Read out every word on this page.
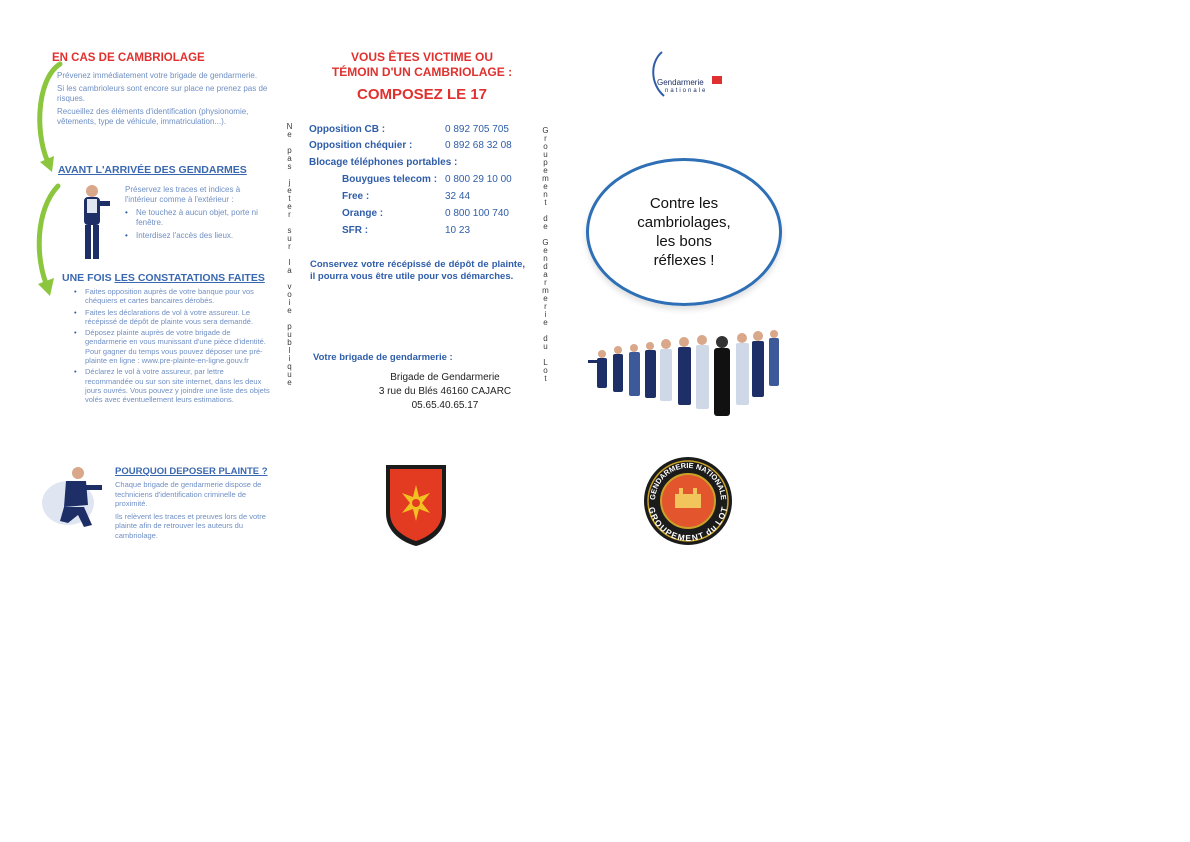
EN CAS DE CAMBRIOLAGE
Prévenez immédiatement votre brigade de gendarmerie.
Si les cambrioleurs sont encore sur place ne prenez pas de risques.
Recueillez des éléments d'identification (physionomie, vêtements, type de véhicule, immatriculation...).
AVANT L'ARRIVÉE DES GENDARMES
Préservez les traces et indices à l'intérieur comme à l'extérieur :
• Ne touchez à aucun objet, porte ni fenêtre.
• Interdisez l'accès des lieux.
UNE FOIS LES CONSTATATIONS FAITES
• Faites opposition auprès de votre banque pour vos chéquiers et cartes bancaires dérobés.
• Faites les déclarations de vol à votre assureur. Le récépissé de dépôt de plainte vous sera demandé.
• Déposez plainte auprès de votre brigade de gendarmerie en vous munissant d'une pièce d'identité. Pour gagner du temps vous pouvez déposer une pré-plainte en ligne : www.pre-plainte-en-ligne.gouv.fr
• Déclarez le vol à votre assureur, par lettre recommandée ou sur son site internet, dans les deux jours ouvrés. Vous pouvez y joindre une liste des objets volés avec éventuellement leurs estimations.
POURQUOI DEPOSER PLAINTE ?
Chaque brigade de gendarmerie dispose de techniciens d'identification criminelle de proximité.
Ils relèvent les traces et preuves lors de votre plainte afin de retrouver les auteurs du cambriolage.
VOUS ÊTES VICTIME OU
TÉMOIN D'UN CAMBRIOLAGE :
COMPOSEZ LE 17
Ne pas jeter sur la voie publique	Groupement de Gendarmerie du Lot
Opposition CB :	0 892 705 705
Opposition chéquier :	0 892 68 32 08
Blocage téléphones portables :
Bouygues telecom : 0 800 29 10 00
Free :	32 44
Orange :	0 800 100 740
SFR :	10 23
Conservez votre récépissé de dépôt de plainte, il pourra vous être utile pour vos démarches.
Votre brigade de gendarmerie :
Brigade de Gendarmerie
3 rue du Blés 46160 CAJARC
05.65.40.65.17
Gendarmerie
nationale
Contre les cambriolages, les bons réflexes !
GENDARMERIE NATIONALE
GROUPEMENT du LOT
